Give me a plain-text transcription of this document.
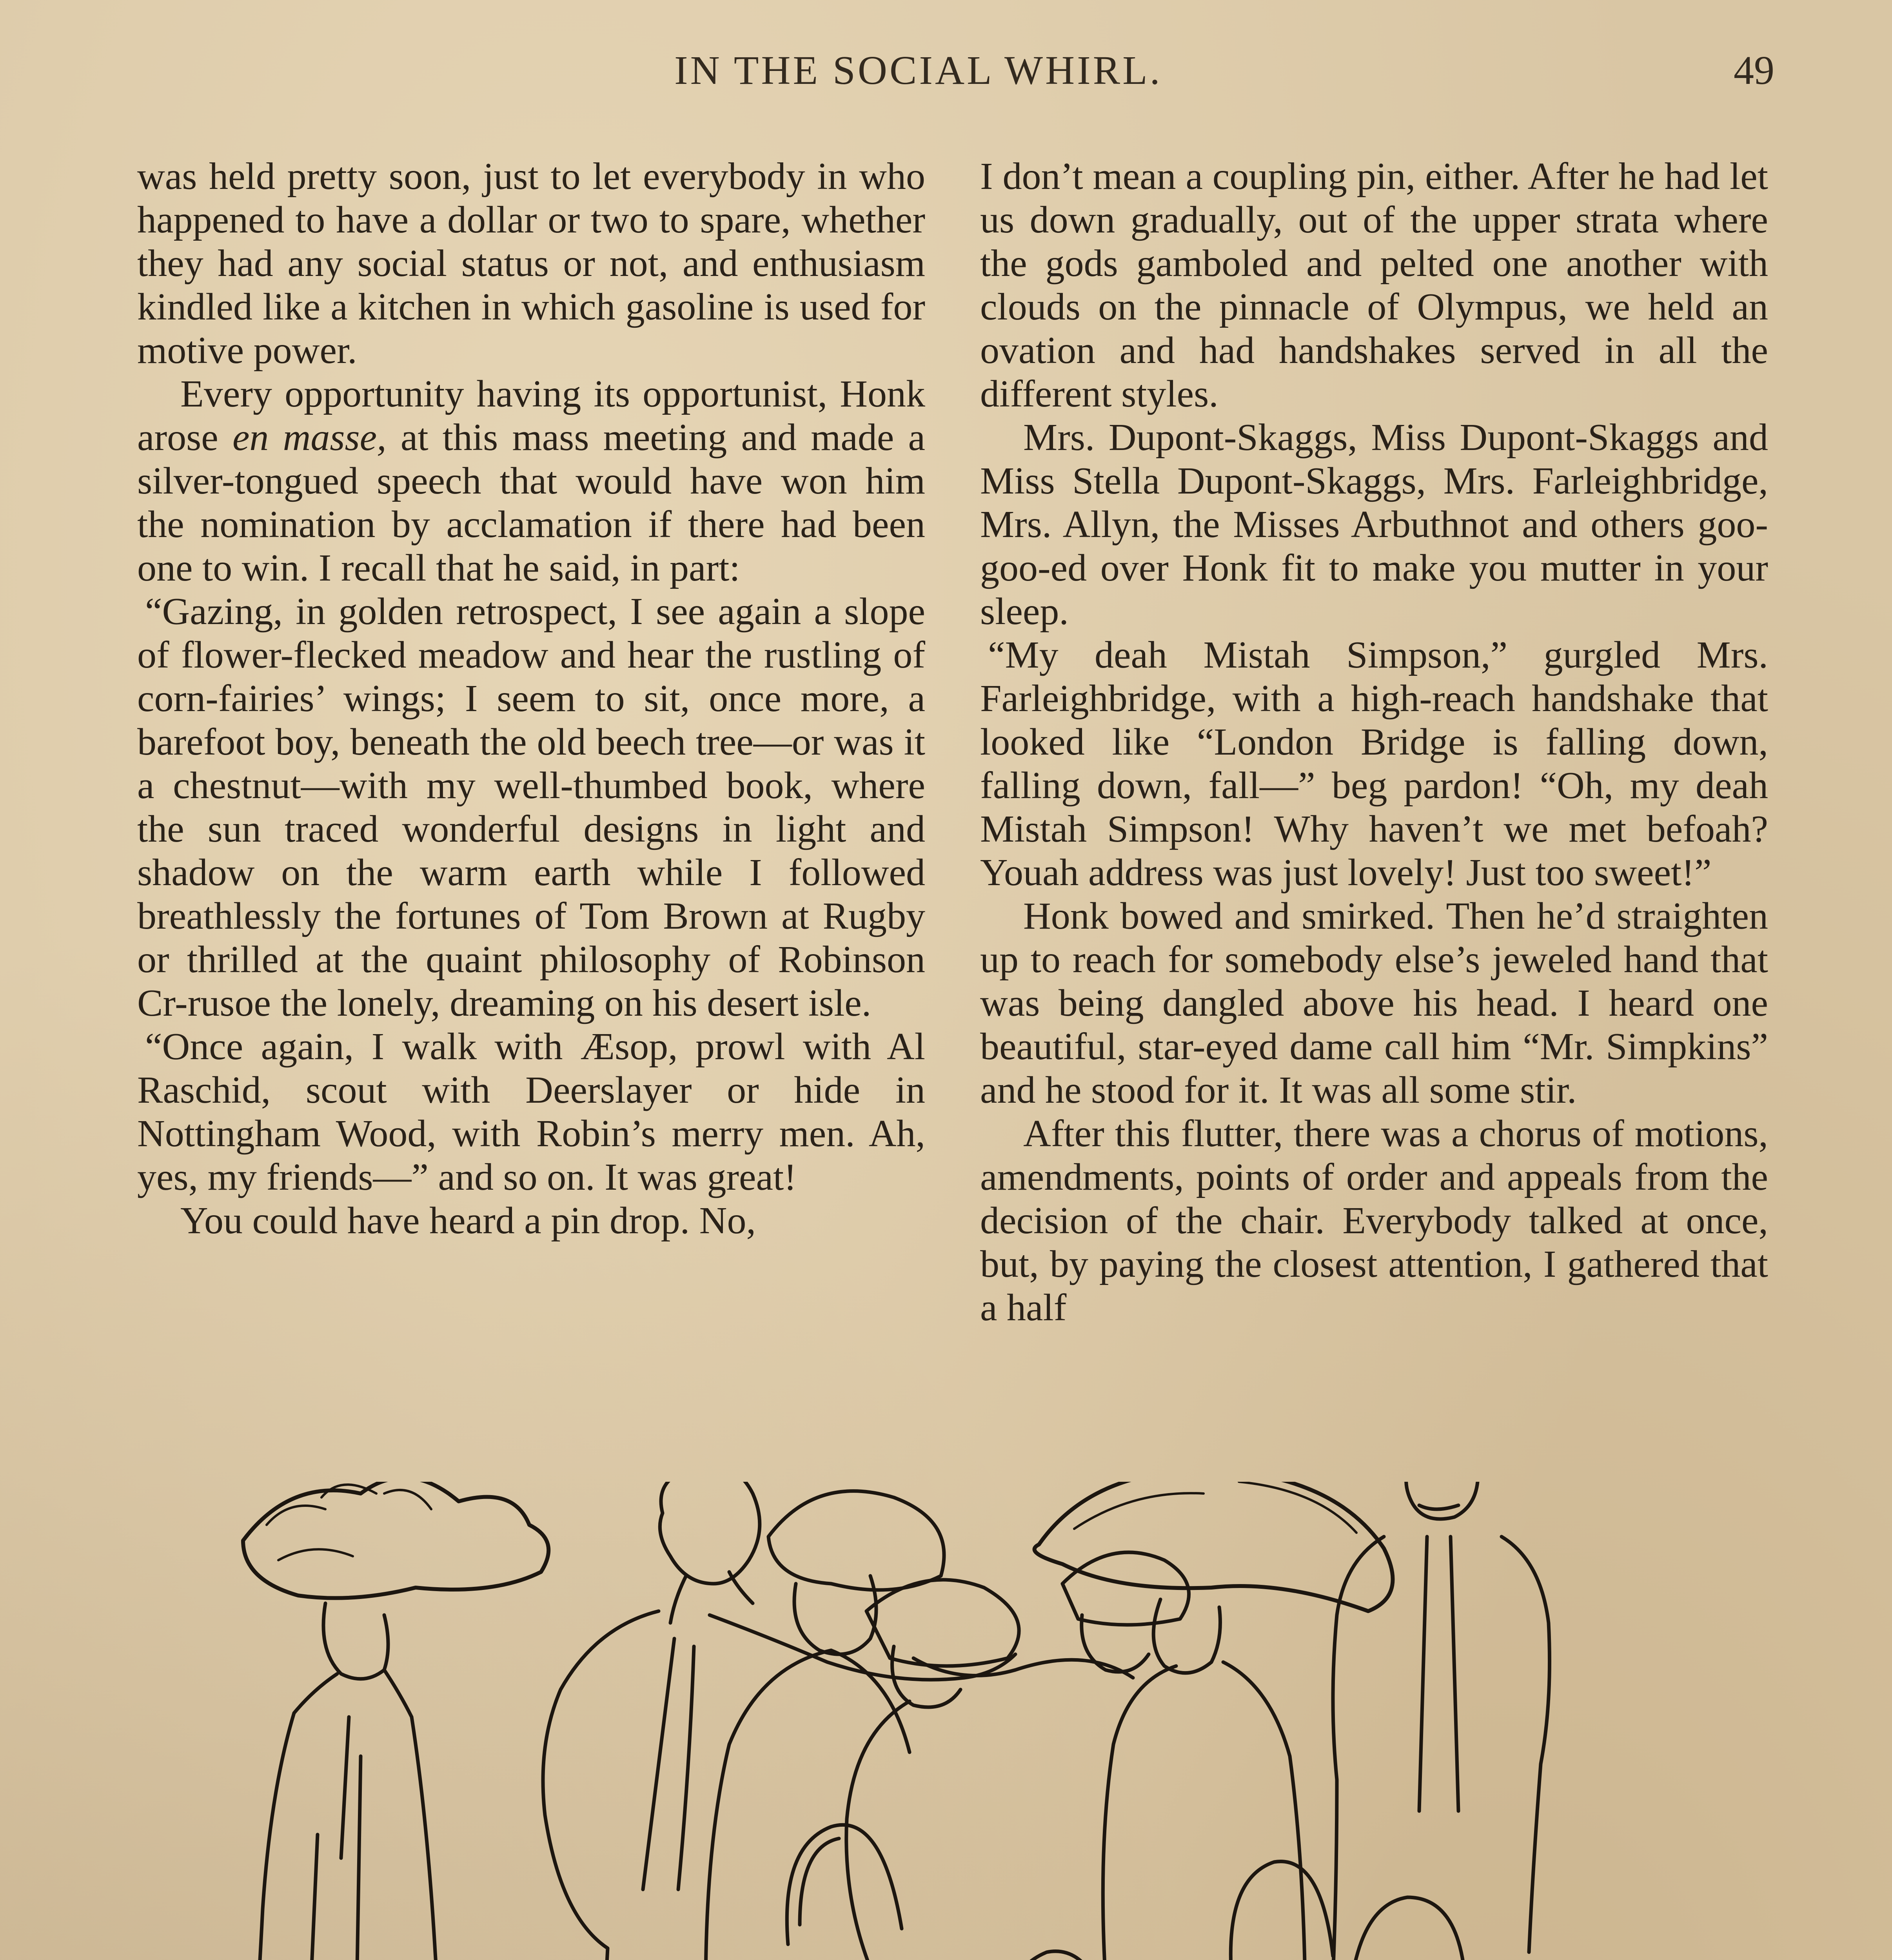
IN THE SOCIAL WHIRL.	49

was held pretty soon, just to let everybody in who happened to have a dollar or two to spare, whether they had any social status or not, and enthusiasm kindled like a kitchen in which gasoline is used for motive power.

Every opportunity having its opportunist, Honk arose en masse, at this mass meeting and made a silver-tongued speech that would have won him the nomination by acclamation if there had been one to win. I recall that he said, in part:

“Gazing, in golden retrospect, I see again a slope of flower-flecked meadow and hear the rustling of corn-fairies’ wings; I seem to sit, once more, a barefoot boy, beneath the old beech tree—or was it a chestnut—with my well-thumbed book, where the sun traced wonderful designs in light and shadow on the warm earth while I followed breathlessly the fortunes of Tom Brown at Rugby or thrilled at the quaint philosophy of Robinson Cr-rusoe the lonely, dreaming on his desert isle.

“Once again, I walk with Æsop, prowl with Al Raschid, scout with Deerslayer or hide in Nottingham Wood, with Robin’s merry men. Ah, yes, my friends—” and so on. It was great!

You could have heard a pin drop. No,

I don’t mean a coupling pin, either. After he had let us down gradually, out of the upper strata where the gods gamboled and pelted one another with clouds on the pinnacle of Olympus, we held an ovation and had handshakes served in all the different styles.

Mrs. Dupont-Skaggs, Miss Dupont-Skaggs and Miss Stella Dupont-Skaggs, Mrs. Farleighbridge, Mrs. Allyn, the Misses Arbuthnot and others goo-goo-ed over Honk fit to make you mutter in your sleep.

“My deah Mistah Simpson,” gurgled Mrs. Farleighbridge, with a high-reach handshake that looked like “London Bridge is falling down, falling down, fall—” beg pardon! “Oh, my deah Mistah Simpson! Why haven’t we met befoah? Youah address was just lovely! Just too sweet!”

Honk bowed and smirked. Then he’d straighten up to reach for somebody else’s jeweled hand that was being dangled above his head. I heard one beautiful, star-eyed dame call him “Mr. Simpkins” and he stood for it. It was all some stir.

After this flutter, there was a chorus of motions, amendments, points of order and appeals from the decision of the chair. Everybody talked at once, but, by paying the closest attention, I gathered that a half
